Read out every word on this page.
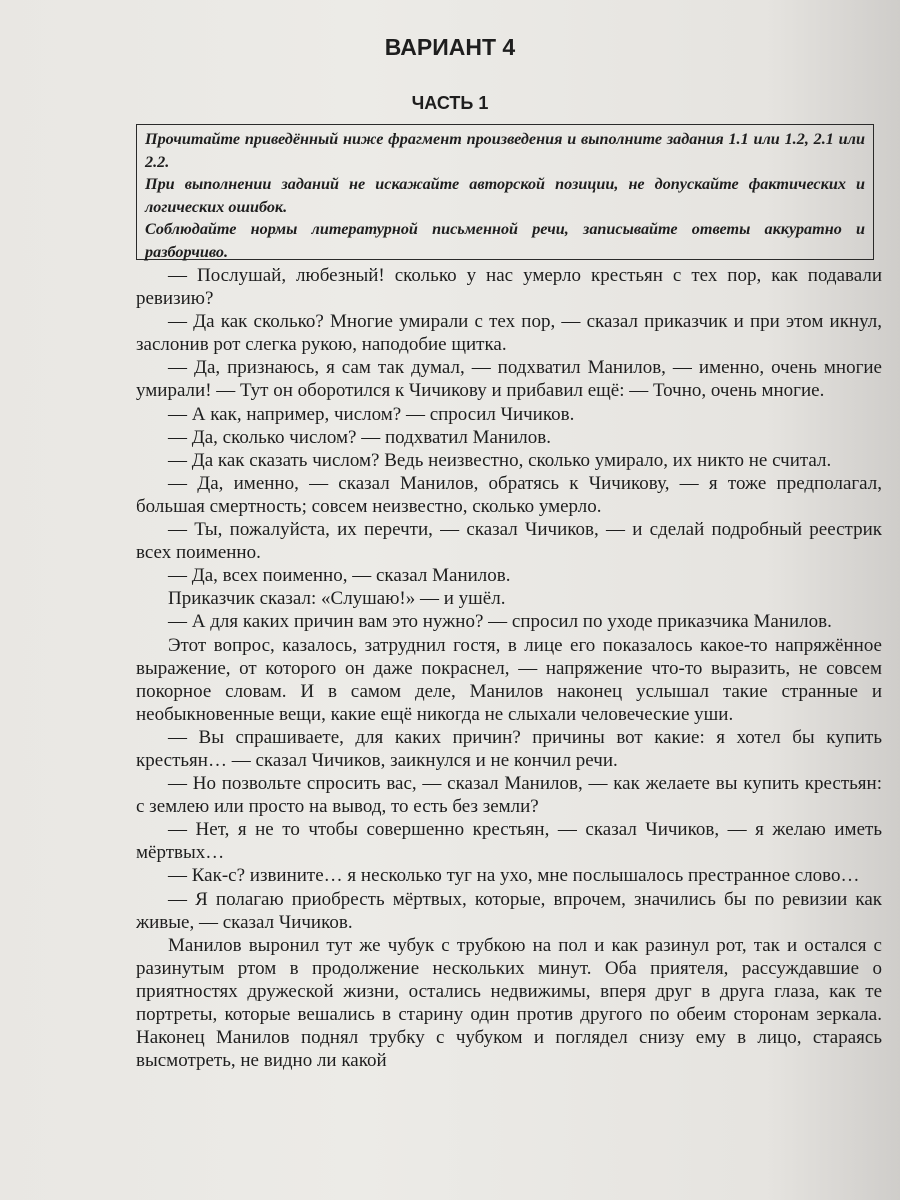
ВАРИАНТ 4
ЧАСТЬ 1

Прочитайте приведённый ниже фрагмент произведения и выполните задания 1.1 или 1.2, 2.1 или 2.2.

При выполнении заданий не искажайте авторской позиции, не допускайте фактических и логических ошибок.

Соблюдайте нормы литературной письменной речи, записывайте ответы аккуратно и разборчиво.

— Послушай, любезный! сколько у нас умерло крестьян с тех пор, как подавали ревизию?

— Да как сколько? Многие умирали с тех пор, — сказал приказчик и при этом икнул, заслонив рот слегка рукою, наподобие щитка.

— Да, признаюсь, я сам так думал, — подхватил Манилов, — именно, очень многие умирали! — Тут он оборотился к Чичикову и прибавил ещё: — Точно, очень многие.

— А как, например, числом? — спросил Чичиков.

— Да, сколько числом? — подхватил Манилов.

— Да как сказать числом? Ведь неизвестно, сколько умирало, их никто не считал.

— Да, именно, — сказал Манилов, обратясь к Чичикову, — я тоже предполагал, большая смертность; совсем неизвестно, сколько умерло.

— Ты, пожалуйста, их перечти, — сказал Чичиков, — и сделай подробный реестрик всех поименно.

— Да, всех поименно, — сказал Манилов.

Приказчик сказал: «Слушаю!» — и ушёл.

— А для каких причин вам это нужно? — спросил по уходе приказчика Манилов.

Этот вопрос, казалось, затруднил гостя, в лице его показалось какое-то напряжённое выражение, от которого он даже покраснел, — напряжение что-то выразить, не совсем покорное словам. И в самом деле, Манилов наконец услышал такие странные и необыкновенные вещи, какие ещё никогда не слыхали человеческие уши.

— Вы спрашиваете, для каких причин? причины вот какие: я хотел бы купить крестьян… — сказал Чичиков, заикнулся и не кончил речи.

— Но позвольте спросить вас, — сказал Манилов, — как желаете вы купить крестьян: с землею или просто на вывод, то есть без земли?

— Нет, я не то чтобы совершенно крестьян, — сказал Чичиков, — я желаю иметь мёртвых…

— Как-с? извините… я несколько туг на ухо, мне послышалось престранное слово…

— Я полагаю приобресть мёртвых, которые, впрочем, значились бы по ревизии как живые, — сказал Чичиков.

Манилов выронил тут же чубук с трубкою на пол и как разинул рот, так и остался с разинутым ртом в продолжение нескольких минут. Оба приятеля, рассуждавшие о приятностях дружеской жизни, остались недвижимы, вперя друг в друга глаза, как те портреты, которые вешались в старину один против другого по обеим сторонам зеркала. Наконец Манилов поднял трубку с чубуком и поглядел снизу ему в лицо, стараясь высмотреть, не видно ли какой
